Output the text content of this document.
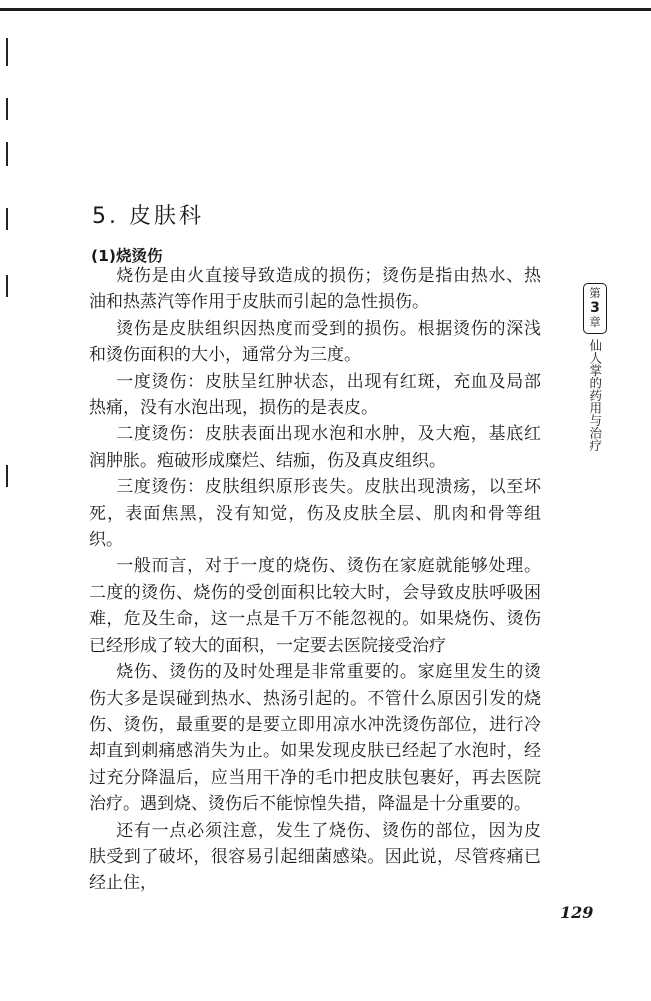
5. 皮肤科
(1)烧烫伤

烧伤是由火直接导致造成的损伤；烫伤是指由热水、热油和热蒸汽等作用于皮肤而引起的急性损伤。

烫伤是皮肤组织因热度而受到的损伤。根据烫伤的深浅和烫伤面积的大小，通常分为三度。

一度烫伤：皮肤呈红肿状态，出现有红斑，充血及局部热痛，没有水泡出现，损伤的是表皮。

二度烫伤：皮肤表面出现水泡和水肿，及大疱，基底红润肿胀。疱破形成糜烂、结痂，伤及真皮组织。

三度烫伤：皮肤组织原形丧失。皮肤出现溃疡，以至坏死，表面焦黑，没有知觉，伤及皮肤全层、肌肉和骨等组织。

一般而言，对于一度的烧伤、烫伤在家庭就能够处理。二度的烫伤、烧伤的受创面积比较大时，会导致皮肤呼吸困难，危及生命，这一点是千万不能忽视的。如果烧伤、烫伤已经形成了较大的面积，一定要去医院接受治疗

烧伤、烫伤的及时处理是非常重要的。家庭里发生的烫伤大多是误碰到热水、热汤引起的。不管什么原因引发的烧伤、烫伤，最重要的是要立即用凉水冲洗烫伤部位，进行冷却直到刺痛感消失为止。如果发现皮肤已经起了水泡时，经过充分降温后，应当用干净的毛巾把皮肤包裹好，再去医院治疗。遇到烧、烫伤后不能惊惶失措，降温是十分重要的。

还有一点必须注意，发生了烧伤、烫伤的部位，因为皮肤受到了破坏，很容易引起细菌感染。因此说，尽管疼痛已经止住，

第
3
章
仙人掌的药用与治疗
129
